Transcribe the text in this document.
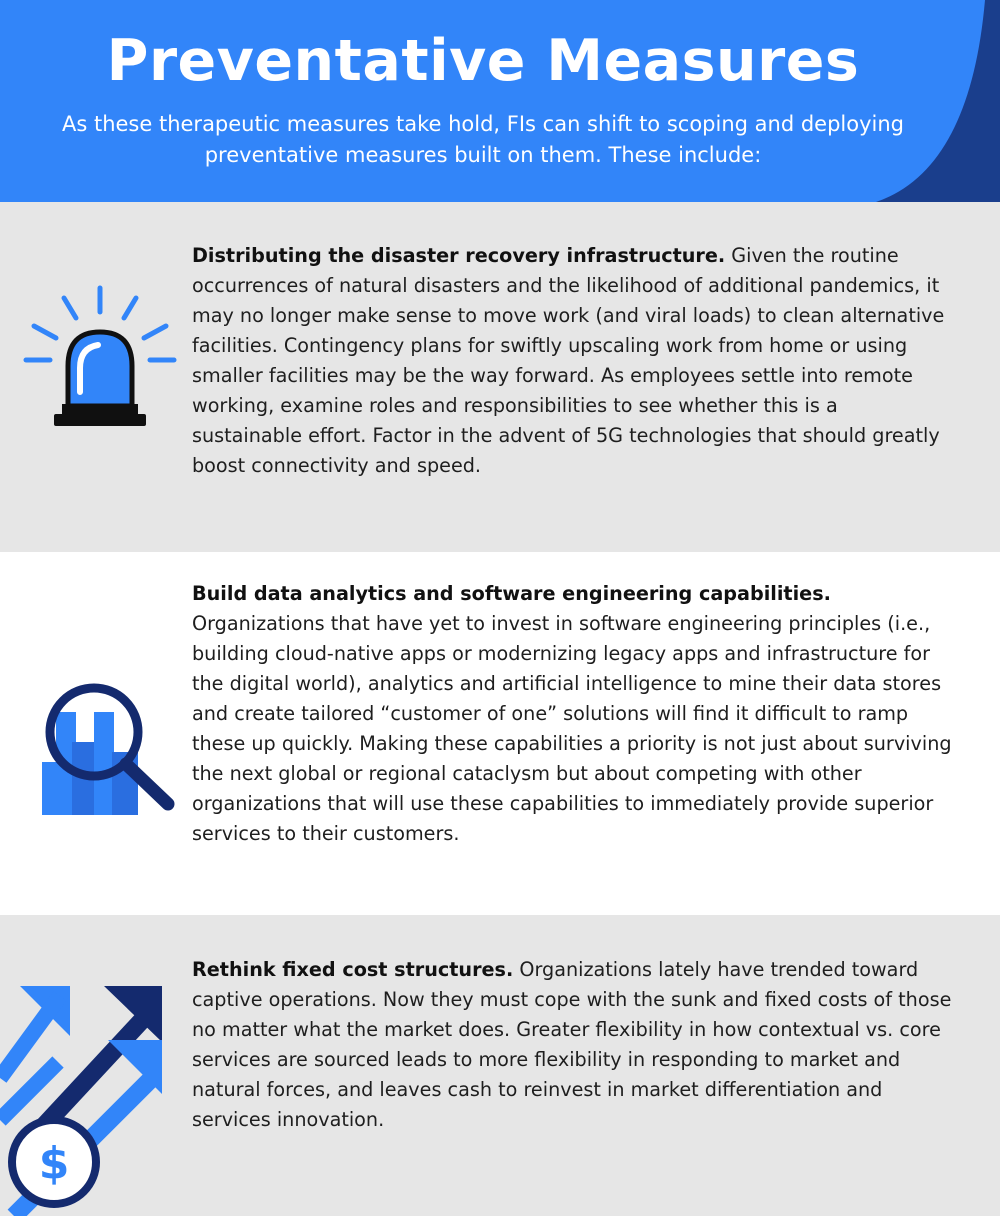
Preventative Measures
As these therapeutic measures take hold, FIs can shift to scoping and deploying preventative measures built on them. These include:

Distributing the disaster recovery infrastructure. Given the routine occurrences of natural disasters and the likelihood of additional pandemics, it may no longer make sense to move work (and viral loads) to clean alternative facilities. Contingency plans for swiftly upscaling work from home or using smaller facilities may be the way forward. As employees settle into remote working, examine roles and responsibilities to see whether this is a sustainable effort. Factor in the advent of 5G technologies that should greatly boost connectivity and speed.

Build data analytics and software engineering capabilities. Organizations that have yet to invest in software engineering principles (i.e., building cloud-native apps or modernizing legacy apps and infrastructure for the digital world), analytics and artificial intelligence to mine their data stores and create tailored “customer of one” solutions will find it difficult to ramp these up quickly. Making these capabilities a priority is not just about surviving the next global or regional cataclysm but about competing with other organizations that will use these capabilities to immediately provide superior services to their customers.

$

Rethink fixed cost structures. Organizations lately have trended toward captive operations. Now they must cope with the sunk and fixed costs of those no matter what the market does. Greater flexibility in how contextual vs. core services are sourced leads to more flexibility in responding to market and natural forces, and leaves cash to reinvest in market differentiation and services innovation.
